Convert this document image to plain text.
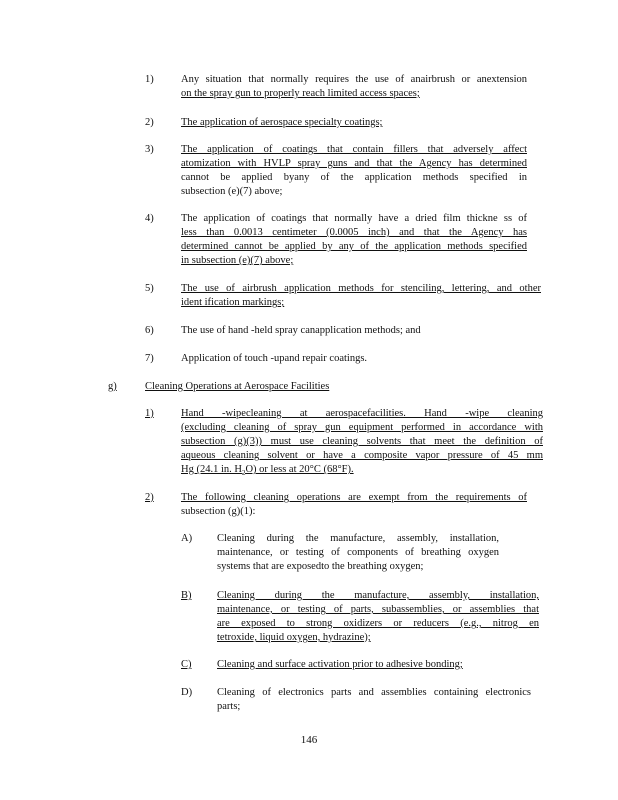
1)	Any situation that normally requires the use of anairbrush or anextension
on the spray gun to properly reach limited access spaces;
2)	The application of aerospace specialty coatings;
3)	The application of coatings that contain fillers that adversely affect
atomization with HVLP spray guns and that the Agency has determined
cannot be applied byany of the application methods specified in
subsection (e)(7) above;
4)	The application of coatings that normally have a dried film thickne ss of
less than 0.0013 centimeter (0.0005 inch) and that the Agency has
determined cannot be applied by any of the application methods specified
in subsection (e)(7) above;
5)	The use of airbrush application methods for stenciling, lettering, and other
ident ification markings;
6)	The use of hand -held spray canapplication methods; and
7)	Application of touch -upand repair coatings.
g)	Cleaning Operations at Aerospace Facilities
1)	Hand -wipecleaning at aerospacefacilities. Hand -wipe cleaning
(excluding cleaning of spray gun equipment performed in accordance with
subsection (g)(3)) must use cleaning solvents that meet the definition of
aqueous cleaning solvent or have a composite vapor pressure of 45 mm
Hg (24.1 in. $H_2O$) or less at 20°C (68°F).
2)	The following cleaning operations are exempt from the requirements of
subsection (g)(1):
A) Cleaning during the manufacture, assembly, installation,
maintenance, or testing of components of breathing oxygen
systems that are exposedto the breathing oxygen;
B) Cleaning during the manufacture, assembly, installation,
maintenance, or testing of parts, subassemblies, or assemblies that
are exposed to strong oxidizers or reducers (e.g., nitrog en
tetroxide, liquid oxygen, hydrazine);
C) Cleaning and surface activation prior to adhesive bonding;
D) Cleaning of electronics parts and assemblies containing electronics
parts;
146
